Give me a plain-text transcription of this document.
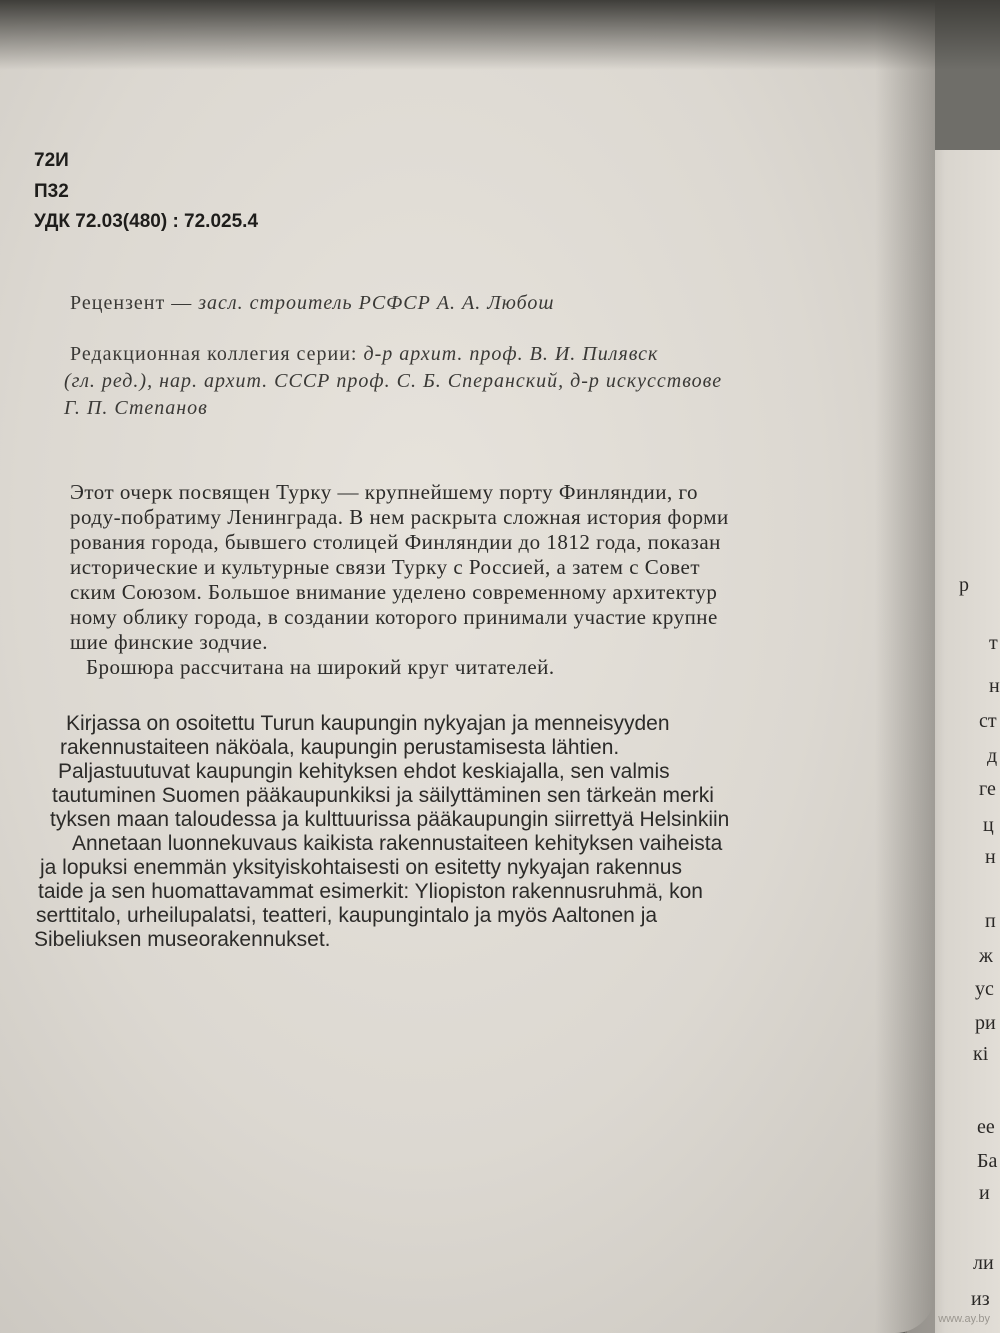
р
т
н
ст
д
ге
ц
н
п
ж
ус
ри
кі
ее
Ба
и
ли
из
72И
П32
УДК 72.03(480) : 72.025.4
Рецензент — засл. строитель РСФСР А. А. Любош
Редакционная коллегия серии: д-р архит. проф. В. И. Пилявск
(гл. ред.), нар. архит. СССР проф. С. Б. Сперанский, д-р искусствове
Г. П. Степанов
Этот очерк посвящен Турку — крупнейшему порту Финляндии, го
роду-побратиму Ленинграда. В нем раскрыта сложная история форми
рования города, бывшего столицей Финляндии до 1812 года, показан
исторические и культурные связи Турку с Россией, а затем с Совет
ским Союзом. Большое внимание уделено современному архитектур
ному облику города, в создании которого принимали участие крупне
шие финские зодчие.
Брошюра рассчитана на широкий круг читателей.
Kirjassa on osoitettu Turun kaupungin nykyajan ja menneisyyden
rakennustaiteen näköala, kaupungin perustamisesta lähtien.
Paljastuutuvat kaupungin kehityksen ehdot keskiajalla, sen valmis
tautuminen Suomen pääkaupunkiksi ja säilyttäminen sen tärkeän merki
tyksen maan taloudessa ja kulttuurissa pääkaupungin siirrettyä Helsinkiin
Annetaan luonnekuvaus kaikista rakennustaiteen kehityksen vaiheista
ja lopuksi enemmän yksityiskohtaisesti on esitetty nykyajan rakennus
taide ja sen huomattavammat esimerkit: Yliopiston rakennusruhmä, kon
serttitalo, urheilupalatsi, teatteri, kaupungintalo ja myös Aaltonen ja
Sibeliuksen museorakennukset.
www.ay.by
